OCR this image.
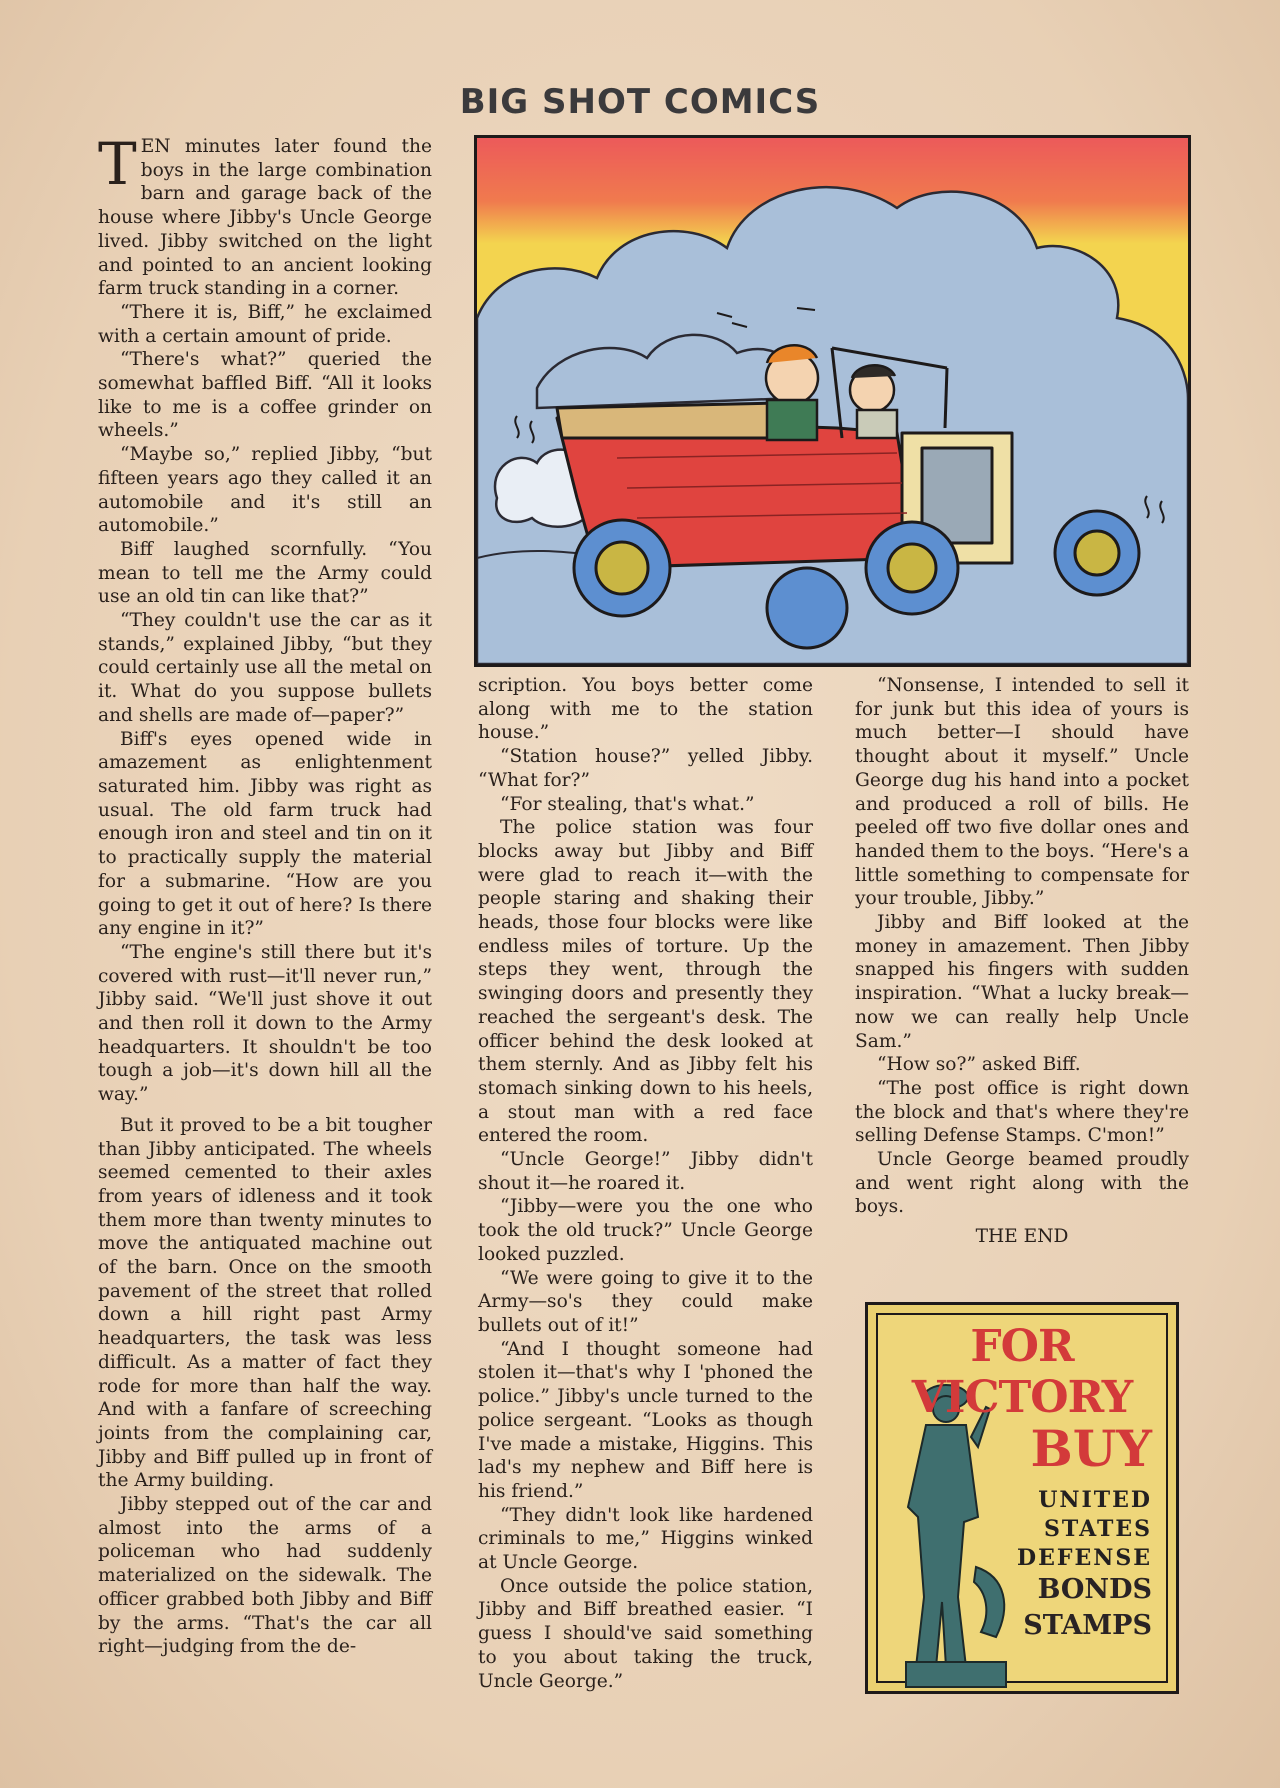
BIG SHOT COMICS

TEN minutes later found the boys in the large combination barn and garage back of the house where Jibby's Uncle George lived. Jibby switched on the light and pointed to an ancient looking farm truck standing in a corner.

“There it is, Biff,” he exclaimed with a certain amount of pride.

“There's what?” queried the somewhat baffled Biff. “All it looks like to me is a coffee grinder on wheels.”

“Maybe so,” replied Jibby, “but fifteen years ago they called it an automobile and it's still an automobile.”

Biff laughed scornfully. “You mean to tell me the Army could use an old tin can like that?”

“They couldn't use the car as it stands,” explained Jibby, “but they could certainly use all the metal on it. What do you suppose bullets and shells are made of—paper?”

Biff's eyes opened wide in amazement as enlightenment saturated him. Jibby was right as usual. The old farm truck had enough iron and steel and tin on it to practically supply the material for a submarine. “How are you going to get it out of here? Is there any engine in it?”

“The engine's still there but it's covered with rust—it'll never run,” Jibby said. “We'll just shove it out and then roll it down to the Army headquarters. It shouldn't be too tough a job—it's down hill all the way.”

But it proved to be a bit tougher than Jibby anticipated. The wheels seemed cemented to their axles from years of idleness and it took them more than twenty minutes to move the antiquated machine out of the barn. Once on the smooth pavement of the street that rolled down a hill right past Army headquarters, the task was less difficult. As a matter of fact they rode for more than half the way. And with a fanfare of screeching joints from the complaining car, Jibby and Biff pulled up in front of the Army building.

Jibby stepped out of the car and almost into the arms of a policeman who had suddenly materialized on the sidewalk. The officer grabbed both Jibby and Biff by the arms. “That's the car all right—judging from the de-

scription. You boys better come along with me to the station house.”

“Station house?” yelled Jibby. “What for?”

“For stealing, that's what.”

The police station was four blocks away but Jibby and Biff were glad to reach it—with the people staring and shaking their heads, those four blocks were like endless miles of torture. Up the steps they went, through the swinging doors and presently they reached the sergeant's desk. The officer behind the desk looked at them sternly. And as Jibby felt his stomach sinking down to his heels, a stout man with a red face entered the room.

“Uncle George!” Jibby didn't shout it—he roared it.

“Jibby—were you the one who took the old truck?” Uncle George looked puzzled.

“We were going to give it to the Army—so's they could make bullets out of it!”

“And I thought someone had stolen it—that's why I 'phoned the police.” Jibby's uncle turned to the police sergeant. “Looks as though I've made a mistake, Higgins. This lad's my nephew and Biff here is his friend.”

“They didn't look like hardened criminals to me,” Higgins winked at Uncle George.

Once outside the police station, Jibby and Biff breathed easier. “I guess I should've said something to you about taking the truck, Uncle George.”

“Nonsense, I intended to sell it for junk but this idea of yours is much better—I should have thought about it myself.” Uncle George dug his hand into a pocket and produced a roll of bills. He peeled off two five dollar ones and handed them to the boys. “Here's a little something to compensate for your trouble, Jibby.”

Jibby and Biff looked at the money in amazement. Then Jibby snapped his fingers with sudden inspiration. “What a lucky break—now we can really help Uncle Sam.”

“How so?” asked Biff.

“The post office is right down the block and that's where they're selling Defense Stamps. C'mon!”

Uncle George beamed proudly and went right along with the boys.

THE END

FOR VICTORY
BUY
UNITED
STATES
DEFENSE
BONDS
STAMPS
